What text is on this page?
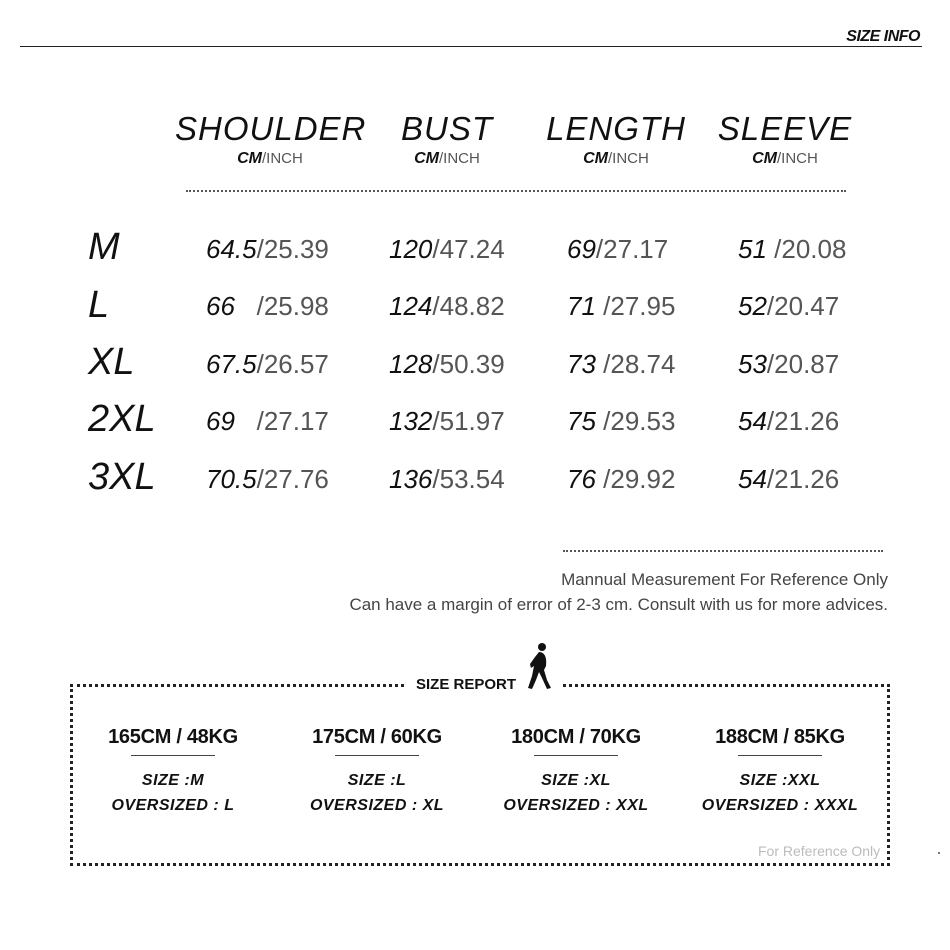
SIZE INFO
SHOULDER
CM/INCH
BUST
CM/INCH
LENGTH
CM/INCH
SLEEVE
CM/INCH
M
L
XL
2XL
3XL
64.5/25.39 120/47.24 69/27.17	51 /20.08
66   /25.98 124/48.82 71 /27.95 52/20.47
67.5/26.57 128/50.39 73 /28.74 53/20.87
69   /27.17 132/51.97 75 /29.53 54/21.26
70.5/27.76 136/53.54 76 /29.92 54/21.26
Mannual Measurement For Reference Only
Can have a margin of error of 2-3 cm. Consult with us for more advices.
SIZE REPORT
165CM / 48KG
SIZE :M
OVERSIZED : L
175CM / 60KG
SIZE :L
OVERSIZED : XL
180CM / 70KG
SIZE :XL
OVERSIZED : XXL
188CM / 85KG
SIZE :XXL
OVERSIZED : XXXL
For Reference Only
